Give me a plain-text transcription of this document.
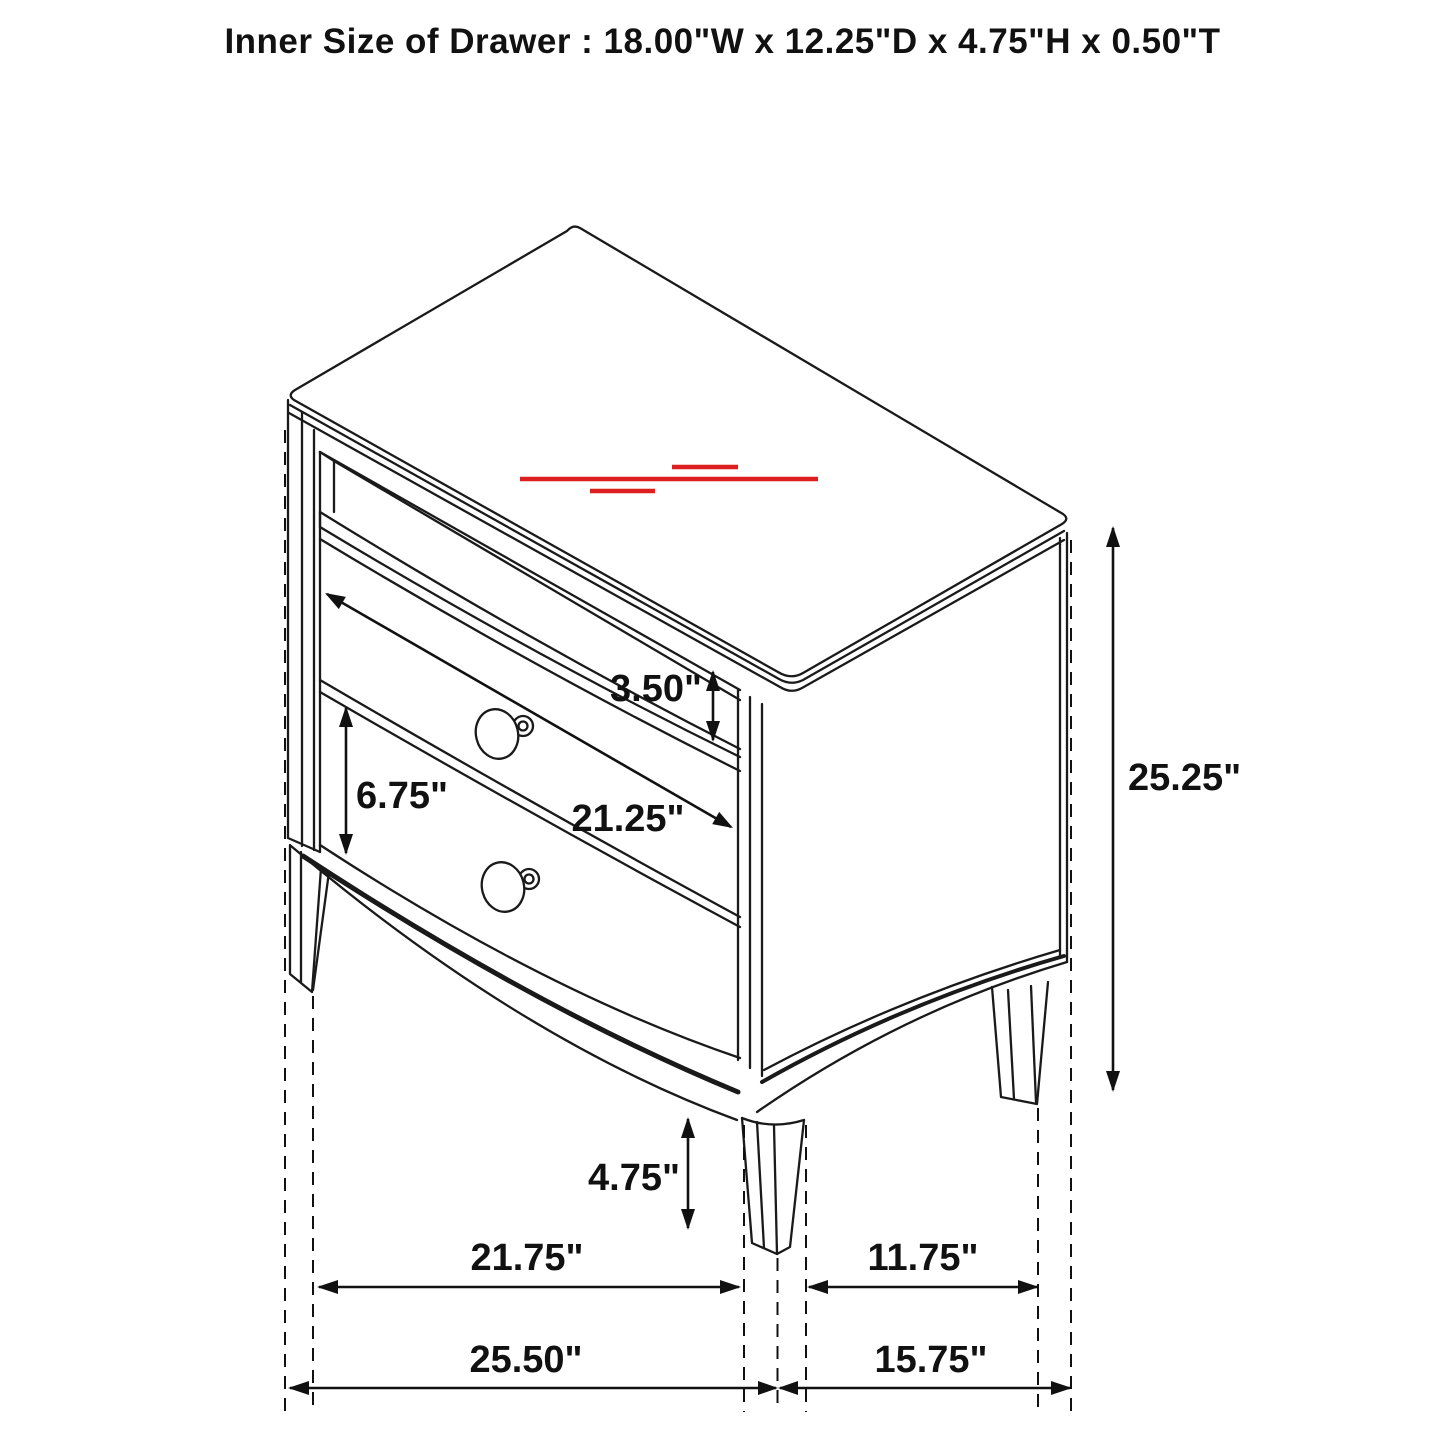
Inner Size of Drawer : 18.00"W x 12.25"D x 4.75"H x 0.50"T
3.50"
6.75"
21.25"
25.25"
4.75"
21.75"	11.75"
25.50"	15.75"
